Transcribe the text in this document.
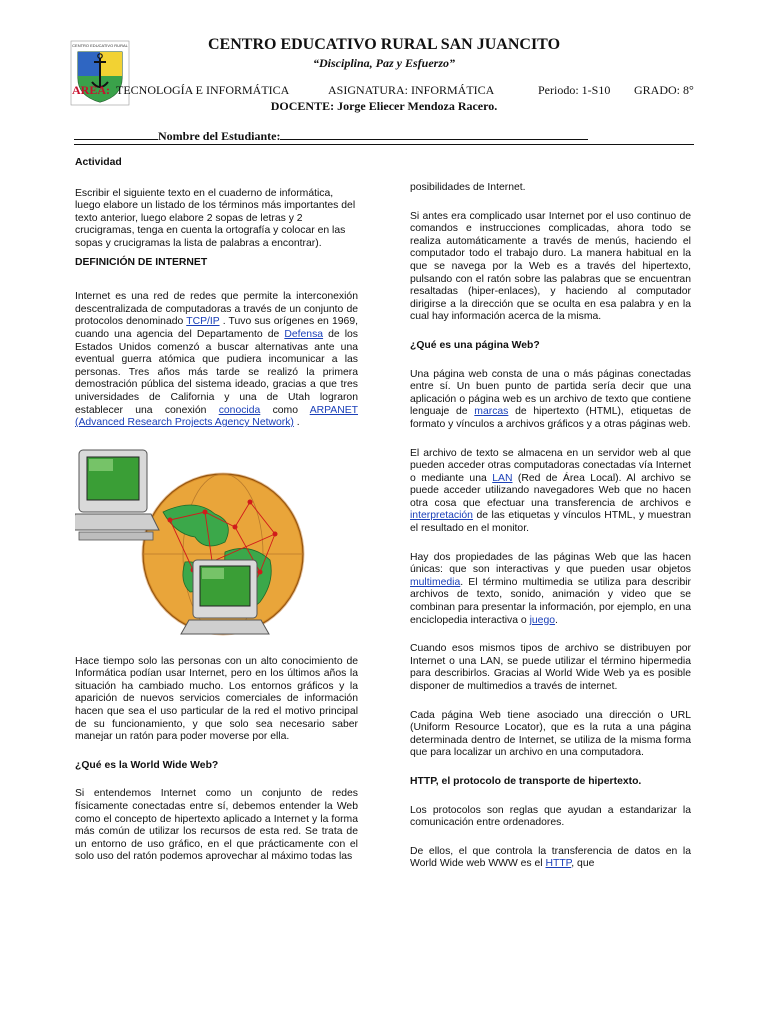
CENTRO EDUCATIVO RURAL	CENTRO EDUCATIVO RURAL SAN JUANCITO
“Disciplina, Paz y Esfuerzo”
AREA: TECNOLOGÍA E INFORMÁTICA	ASIGNATURA: INFORMÁTICA	Periodo: 1-S10 GRADO: 8°
DOCENTE: Jorge Eliecer Mendoza Racero.
Nombre del Estudiante:

Actividad

Escribir el siguiente texto en el cuaderno de informática, luego elabore un listado de los términos más importantes del texto anterior, luego elabore 2 sopas de letras y 2 crucigramas, tenga en cuenta la ortografía y colocar en las sopas y crucigramas la lista de palabras a encontrar).

DEFINICIÓN DE INTERNET

Internet es una red de redes que permite la interconexión descentralizada de computadoras a través de un conjunto de protocolos denominado TCP/IP . Tuvo sus orígenes en 1969, cuando una agencia del Departamento de Defensa de los Estados Unidos comenzó a buscar alternativas ante una eventual guerra atómica que pudiera incomunicar a las personas. Tres años más tarde se realizó la primera demostración pública del sistema ideado, gracias a que tres universidades de California y una de Utah lograron establecer una conexión conocida como ARPANET (Advanced Research Projects Agency Network) .

Hace tiempo solo las personas con un alto conocimiento de Informática podían usar Internet, pero en los últimos años la situación ha cambiado mucho. Los entornos gráficos y la aparición de nuevos servicios comerciales de información hacen que sea el uso particular de la red el motivo principal de su funcionamiento, y que solo sea necesario saber manejar un ratón para poder moverse por ella.

¿Qué es la World Wide Web?

Si entendemos Internet como un conjunto de redes físicamente conectadas entre sí, debemos entender la Web como el concepto de hipertexto aplicado a Internet y la forma más común de utilizar los recursos de esta red. Se trata de un entorno de uso gráfico, en el que prácticamente con el solo uso del ratón podemos aprovechar al máximo todas las

posibilidades de Internet.

Si antes era complicado usar Internet por el uso continuo de comandos e instrucciones complicadas, ahora todo se realiza automáticamente a través de menús, haciendo el computador todo el trabajo duro. La manera habitual en la que se navega por la Web es a través del hipertexto, pulsando con el ratón sobre las palabras que se encuentran resaltadas (hiper-enlaces), y haciendo al computador dirigirse a la dirección que se oculta en esa palabra y en la cual hay información acerca de la misma.

¿Qué es una página Web?

Una página web consta de una o más páginas conectadas entre sí. Un buen punto de partida sería decir que una aplicación o página web es un archivo de texto que contiene lenguaje de marcas de hipertexto (HTML), etiquetas de formato y vínculos a archivos gráficos y a otras páginas web.

El archivo de texto se almacena en un servidor web al que pueden acceder otras computadoras conectadas vía Internet o mediante una LAN (Red de Área Local). Al archivo se puede acceder utilizando navegadores Web que no hacen otra cosa que efectuar una transferencia de archivos e interpretación de las etiquetas y vínculos HTML, y muestran el resultado en el monitor.

Hay dos propiedades de las páginas Web que las hacen únicas: que son interactivas y que pueden usar objetos multimedia. El término multimedia se utiliza para describir archivos de texto, sonido, animación y video que se combinan para presentar la información, por ejemplo, en una enciclopedia interactiva o juego.

Cuando esos mismos tipos de archivo se distribuyen por Internet o una LAN, se puede utilizar el término hipermedia para describirlos. Gracias al World Wide Web ya es posible disponer de multimedios a través de internet.

Cada página Web tiene asociado una dirección o URL (Uniform Resource Locator), que es la ruta a una página determinada dentro de Internet, se utiliza de la misma forma que para localizar un archivo en una computadora.

HTTP, el protocolo de transporte de hipertexto.

Los protocolos son reglas que ayudan a estandarizar la comunicación entre ordenadores.

De ellos, el que controla la transferencia de datos en la World Wide web WWW es el HTTP, que
